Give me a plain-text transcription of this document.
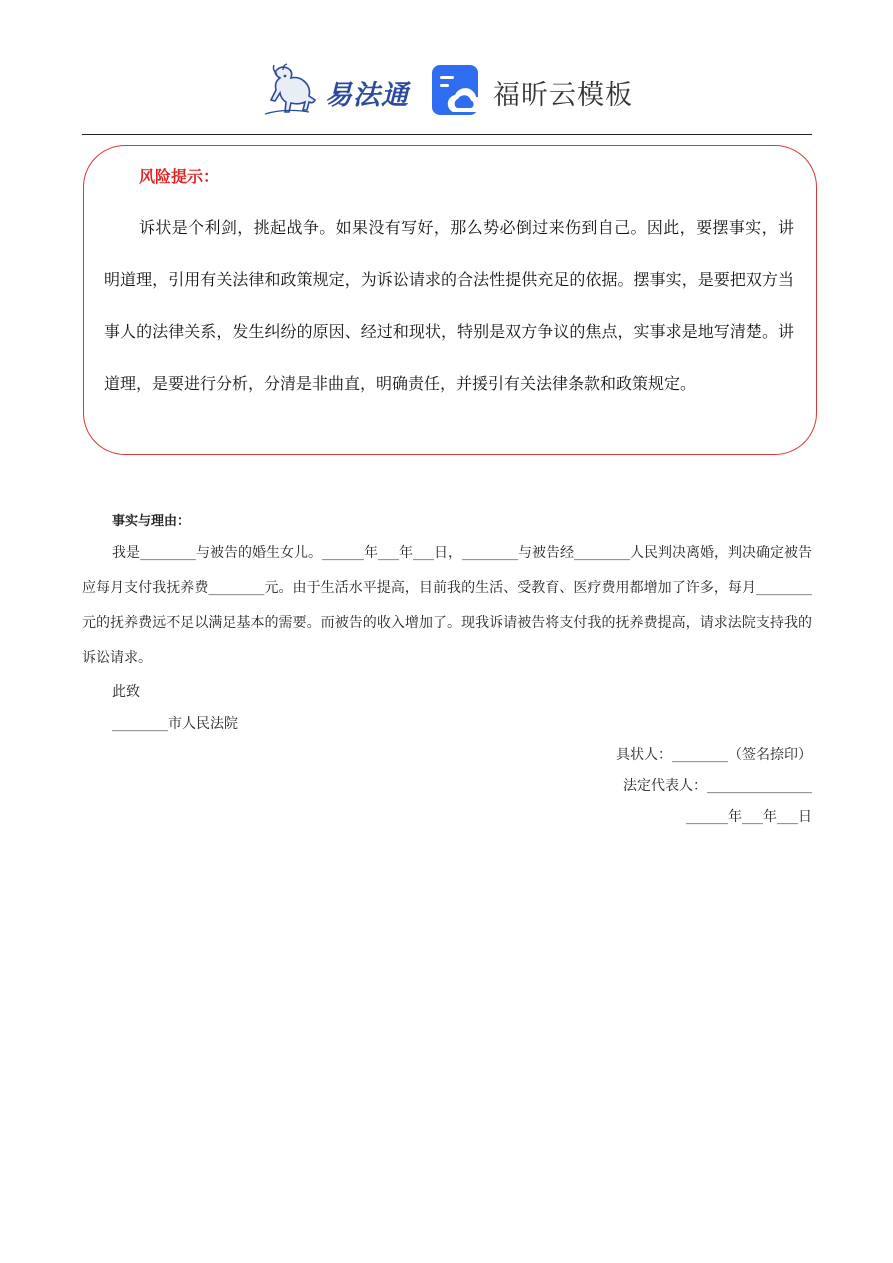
易法通	福昕云模板
风险提示：

诉状是个利剑，挑起战争。如果没有写好，那么势必倒过来伤到自己。因此，要摆事实，讲明道理，引用有关法律和政策规定，为诉讼请求的合法性提供充足的依据。摆事实，是要把双方当事人的法律关系，发生纠纷的原因、经过和现状，特别是双方争议的焦点，实事求是地写清楚。讲道理，是要进行分析，分清是非曲直，明确责任，并援引有关法律条款和政策规定。

事实与理由：

我是________与被告的婚生女儿。______年___年___日，________与被告经________人民判决离婚，判决确定被告应每月支付我抚养费________元。由于生活水平提高，目前我的生活、受教育、医疗费用都增加了许多，每月________元的抚养费远不足以满足基本的需要。而被告的收入增加了。现我诉请被告将支付我的抚养费提高，请求法院支持我的诉讼请求。

此致

________市人民法院

具状人：________（签名捺印）

法定代表人：_______________

______年___年___日
